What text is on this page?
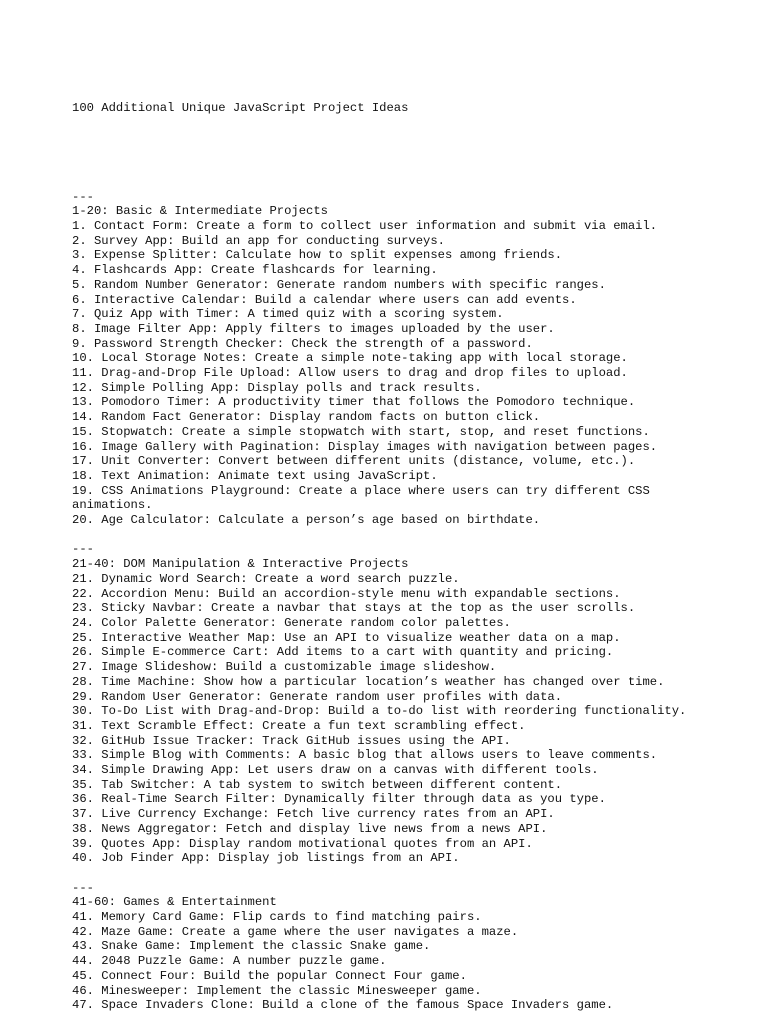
100 Additional Unique JavaScript Project Ideas

---
1-20: Basic & Intermediate Projects
1. Contact Form: Create a form to collect user information and submit via email.
2. Survey App: Build an app for conducting surveys.
3. Expense Splitter: Calculate how to split expenses among friends.
4. Flashcards App: Create flashcards for learning.
5. Random Number Generator: Generate random numbers with specific ranges.
6. Interactive Calendar: Build a calendar where users can add events.
7. Quiz App with Timer: A timed quiz with a scoring system.
8. Image Filter App: Apply filters to images uploaded by the user.
9. Password Strength Checker: Check the strength of a password.
10. Local Storage Notes: Create a simple note-taking app with local storage.
11. Drag-and-Drop File Upload: Allow users to drag and drop files to upload.
12. Simple Polling App: Display polls and track results.
13. Pomodoro Timer: A productivity timer that follows the Pomodoro technique.
14. Random Fact Generator: Display random facts on button click.
15. Stopwatch: Create a simple stopwatch with start, stop, and reset functions.
16. Image Gallery with Pagination: Display images with navigation between pages.
17. Unit Converter: Convert between different units (distance, volume, etc.).
18. Text Animation: Animate text using JavaScript.
19. CSS Animations Playground: Create a place where users can try different CSS animations.
20. Age Calculator: Calculate a person’s age based on birthdate.
---
21-40: DOM Manipulation & Interactive Projects
21. Dynamic Word Search: Create a word search puzzle.
22. Accordion Menu: Build an accordion-style menu with expandable sections.
23. Sticky Navbar: Create a navbar that stays at the top as the user scrolls.
24. Color Palette Generator: Generate random color palettes.
25. Interactive Weather Map: Use an API to visualize weather data on a map.
26. Simple E-commerce Cart: Add items to a cart with quantity and pricing.
27. Image Slideshow: Build a customizable image slideshow.
28. Time Machine: Show how a particular location’s weather has changed over time.
29. Random User Generator: Generate random user profiles with data.
30. To-Do List with Drag-and-Drop: Build a to-do list with reordering functionality.
31. Text Scramble Effect: Create a fun text scrambling effect.
32. GitHub Issue Tracker: Track GitHub issues using the API.
33. Simple Blog with Comments: A basic blog that allows users to leave comments.
34. Simple Drawing App: Let users draw on a canvas with different tools.
35. Tab Switcher: A tab system to switch between different content.
36. Real-Time Search Filter: Dynamically filter through data as you type.
37. Live Currency Exchange: Fetch live currency rates from an API.
38. News Aggregator: Fetch and display live news from a news API.
39. Quotes App: Display random motivational quotes from an API.
40. Job Finder App: Display job listings from an API.
---
41-60: Games & Entertainment
41. Memory Card Game: Flip cards to find matching pairs.
42. Maze Game: Create a game where the user navigates a maze.
43. Snake Game: Implement the classic Snake game.
44. 2048 Puzzle Game: A number puzzle game.
45. Connect Four: Build the popular Connect Four game.
46. Minesweeper: Implement the classic Minesweeper game.
47. Space Invaders Clone: Build a clone of the famous Space Invaders game.
